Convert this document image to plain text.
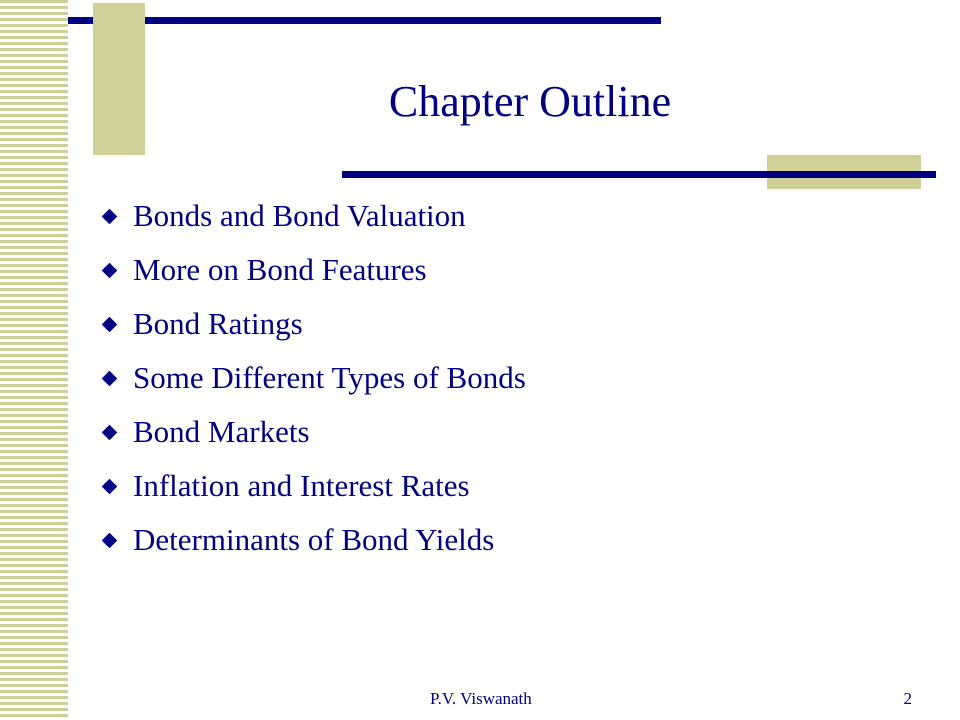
Chapter Outline
Bonds and Bond Valuation
More on Bond Features
Bond Ratings
Some Different Types of Bonds
Bond Markets
Inflation and Interest Rates
Determinants of Bond Yields
P.V. Viswanath	2
